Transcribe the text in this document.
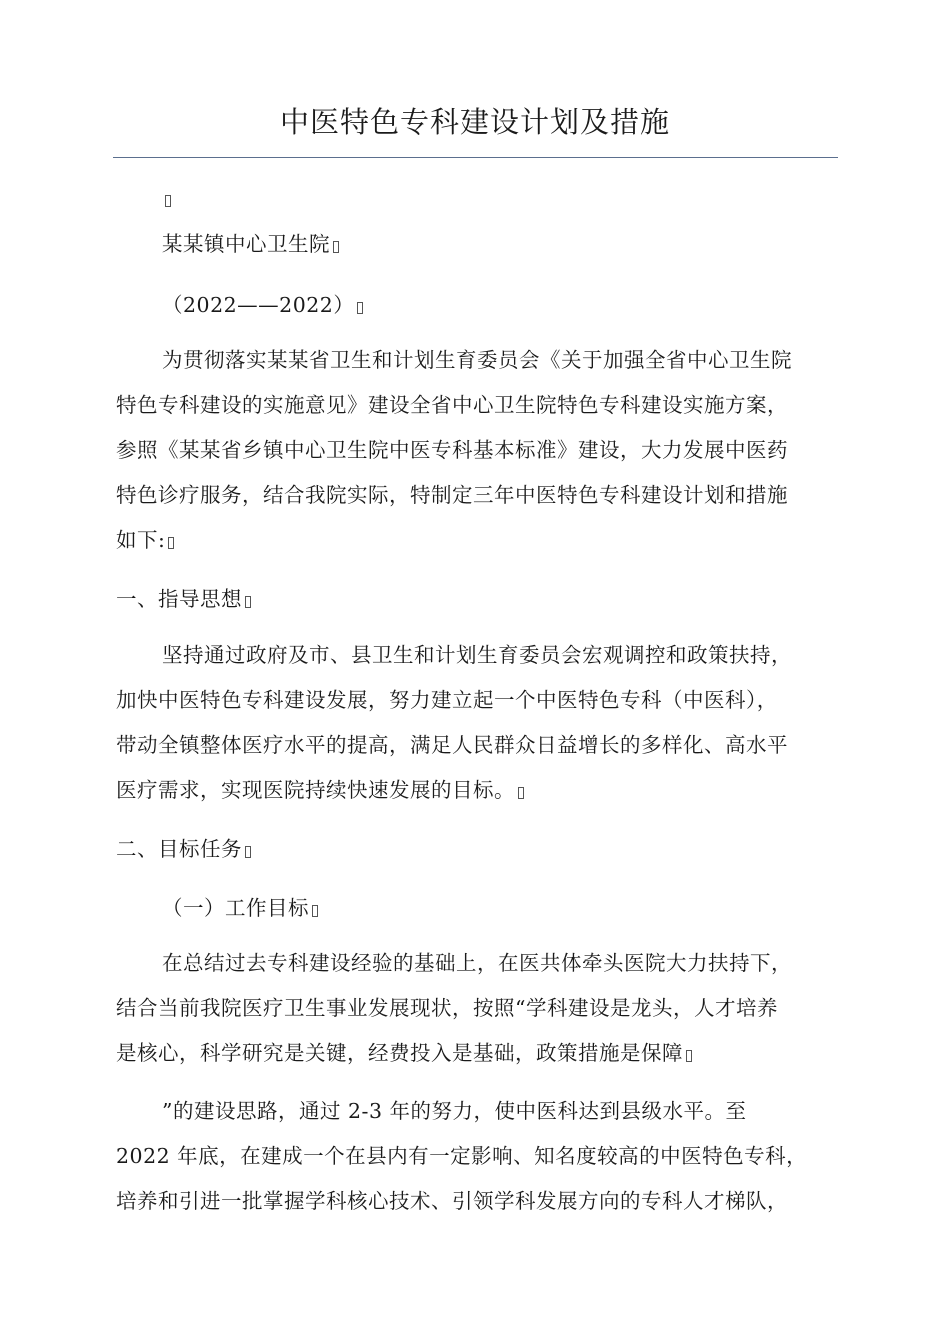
中医特色专科建设计划及措施
某某镇中心卫生院
（2022——2022）
为贯彻落实某某省卫生和计划生育委员会《关于加强全省中心卫生院
特色专科建设的实施意见》建设全省中心卫生院特色专科建设实施方案，
参照《某某省乡镇中心卫生院中医专科基本标准》建设，大力发展中医药
特色诊疗服务，结合我院实际，特制定三年中医特色专科建设计划和措施
如下:
一、指导思想
坚持通过政府及市、县卫生和计划生育委员会宏观调控和政策扶持，
加快中医特色专科建设发展，努力建立起一个中医特色专科（中医科），
带动全镇整体医疗水平的提高，满足人民群众日益增长的多样化、高水平
医疗需求，实现医院持续快速发展的目标。
二、目标任务
（一）工作目标
在总结过去专科建设经验的基础上，在医共体牵头医院大力扶持下，
结合当前我院医疗卫生事业发展现状，按照“学科建设是龙头，人才培养
是核心，科学研究是关键，经费投入是基础，政策措施是保障
”的建设思路，通过 2-3 年的努力，使中医科达到县级水平。至
2022 年底，在建成一个在县内有一定影响、知名度较高的中医特色专科，
培养和引进一批掌握学科核心技术、引领学科发展方向的专科人才梯队，
